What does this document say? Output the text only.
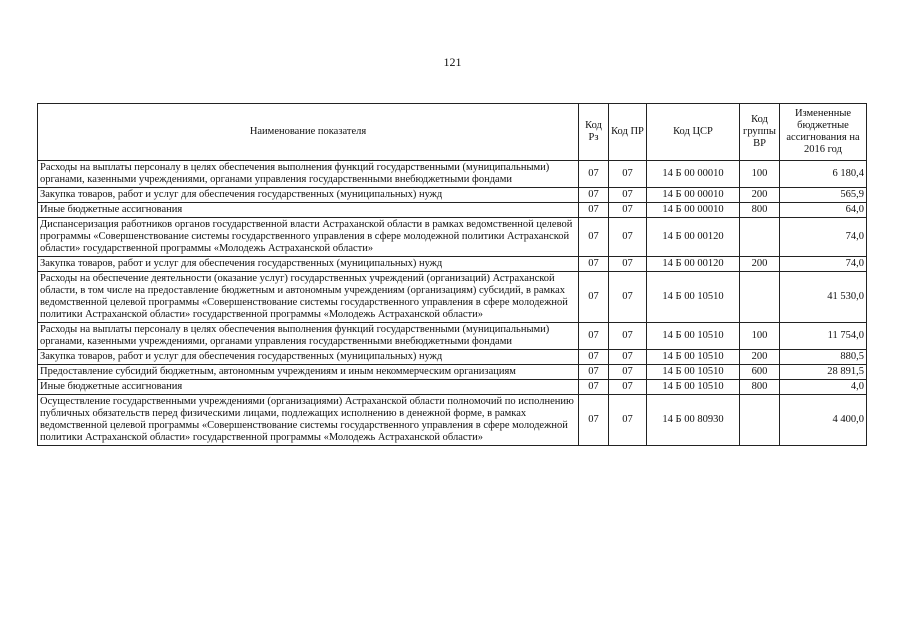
121
Наименование показателя	Код Рз	Код ПР	Код ЦСР	Код группы ВР	Измененные бюджетные ассигнования на 2016 год
Расходы на выплаты персоналу в целях обеспечения выполнения функций государственными (муниципальными) органами, казенными учреждениями, органами управления государственными внебюджетными фондами	07	07	14 Б 00 00010	100	6 180,4
Закупка товаров, работ и услуг для обеспечения государственных (муниципальных) нужд	07	07	14 Б 00 00010	200	565,9
Иные бюджетные ассигнования	07	07	14 Б 00 00010	800	64,0
Диспансеризация работников органов государственной власти Астраханской области в рамках ведомственной целевой программы «Совершенствование системы государственного управления в сфере молодежной политики Астраханской области» государственной программы «Молодежь Астраханской области»	07	07	14 Б 00 00120		74,0
Закупка товаров, работ и услуг для обеспечения государственных (муниципальных) нужд	07	07	14 Б 00 00120	200	74,0
Расходы на обеспечение деятельности (оказание услуг) государственных учреждений (организаций) Астраханской области, в том числе на предоставление бюджетным и автономным учреждениям (организациям) субсидий, в рамках ведомственной целевой программы «Совершенствование системы государственного управления в сфере молодежной политики Астраханской области» государственной программы «Молодежь Астраханской области»	07	07	14 Б 00 10510		41 530,0
Расходы на выплаты персоналу в целях обеспечения выполнения функций государственными (муниципальными) органами, казенными учреждениями, органами управления государственными внебюджетными фондами	07	07	14 Б 00 10510	100	11 754,0
Закупка товаров, работ и услуг для обеспечения государственных (муниципальных) нужд	07	07	14 Б 00 10510	200	880,5
Предоставление субсидий бюджетным, автономным учреждениям и иным некоммерческим организациям	07	07	14 Б 00 10510	600	28 891,5
Иные бюджетные ассигнования	07	07	14 Б 00 10510	800	4,0
Осуществление государственными учреждениями (организациями) Астраханской области полномочий по исполнению публичных обязательств перед физическими лицами, подлежащих исполнению в денежной форме, в рамках ведомственной целевой программы «Совершенствование системы государственного управления в сфере молодежной политики Астраханской области» государственной программы «Молодежь Астраханской области»	07	07	14 Б 00 80930		4 400,0
